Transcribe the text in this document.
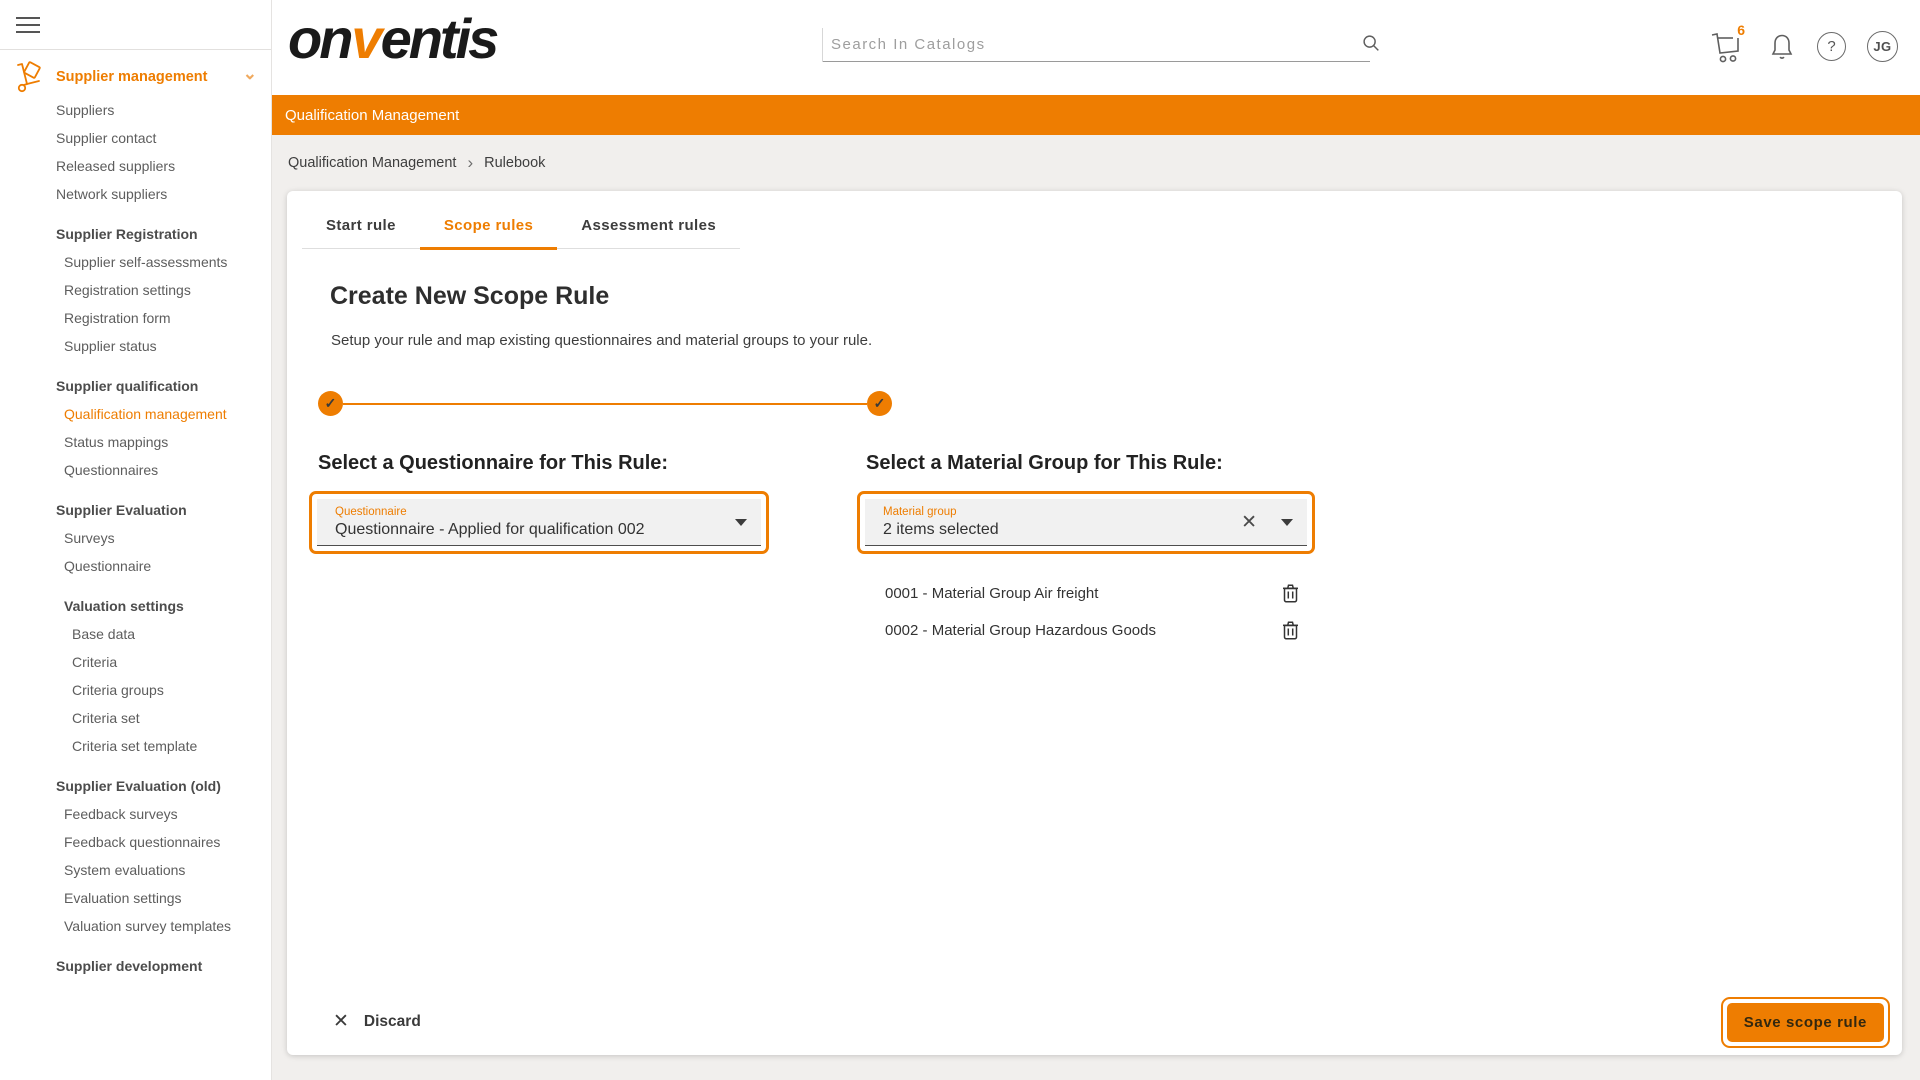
Supplier management ⌄
Suppliers
Supplier contact
Released suppliers
Network suppliers
Supplier Registration
Supplier self-assessments
Registration settings
Registration form
Supplier status
Supplier qualification
Qualification management
Status mappings
Questionnaires
Supplier Evaluation
Surveys
Questionnaire
Valuation settings
Base data
Criteria
Criteria groups
Criteria set
Criteria set template
Supplier Evaluation (old)
Feedback surveys
Feedback questionnaires
System evaluations
Evaluation settings
Valuation survey templates
Supplier development
onventis
Search In Catalogs	6
?	JG
Qualification Management
Qualification Management › Rulebook
Start rule	Scope rules	Assessment rules
Create New Scope Rule

Setup your rule and map existing questionnaires and material groups to your rule.

✓	✓
Select a Questionnaire for This Rule:
Questionnaire
Questionnaire - Applied for qualification 002
Select a Material Group for This Rule:
Material group
2 items selected	✕
0001 - Material Group Air freight
0002 - Material Group Hazardous Goods
✕ Discard	Save scope rule
